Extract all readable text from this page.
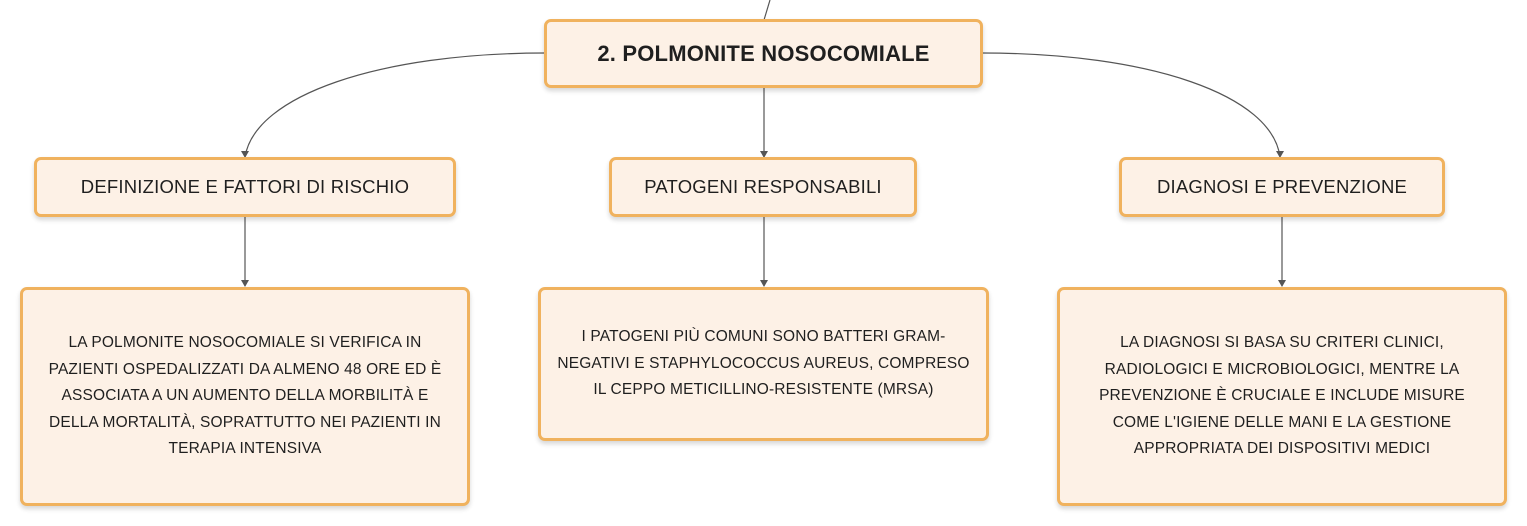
2. POLMONITE NOSOCOMIALE
DEFINIZIONE E FATTORI DI RISCHIO	PATOGENI RESPONSABILI	DIAGNOSI E PREVENZIONE
LA POLMONITE NOSOCOMIALE SI VERIFICA IN
PAZIENTI OSPEDALIZZATI DA ALMENO 48 ORE ED È
ASSOCIATA A UN AUMENTO DELLA MORBILITÀ E
DELLA MORTALITÀ, SOPRATTUTTO NEI PAZIENTI IN
TERAPIA INTENSIVA
I PATOGENI PIÙ COMUNI SONO BATTERI GRAM-
NEGATIVI E STAPHYLOCOCCUS AUREUS, COMPRESO
IL CEPPO METICILLINO-RESISTENTE (MRSA)
LA DIAGNOSI SI BASA SU CRITERI CLINICI,
RADIOLOGICI E MICROBIOLOGICI, MENTRE LA
PREVENZIONE È CRUCIALE E INCLUDE MISURE
COME L'IGIENE DELLE MANI E LA GESTIONE
APPROPRIATA DEI DISPOSITIVI MEDICI
